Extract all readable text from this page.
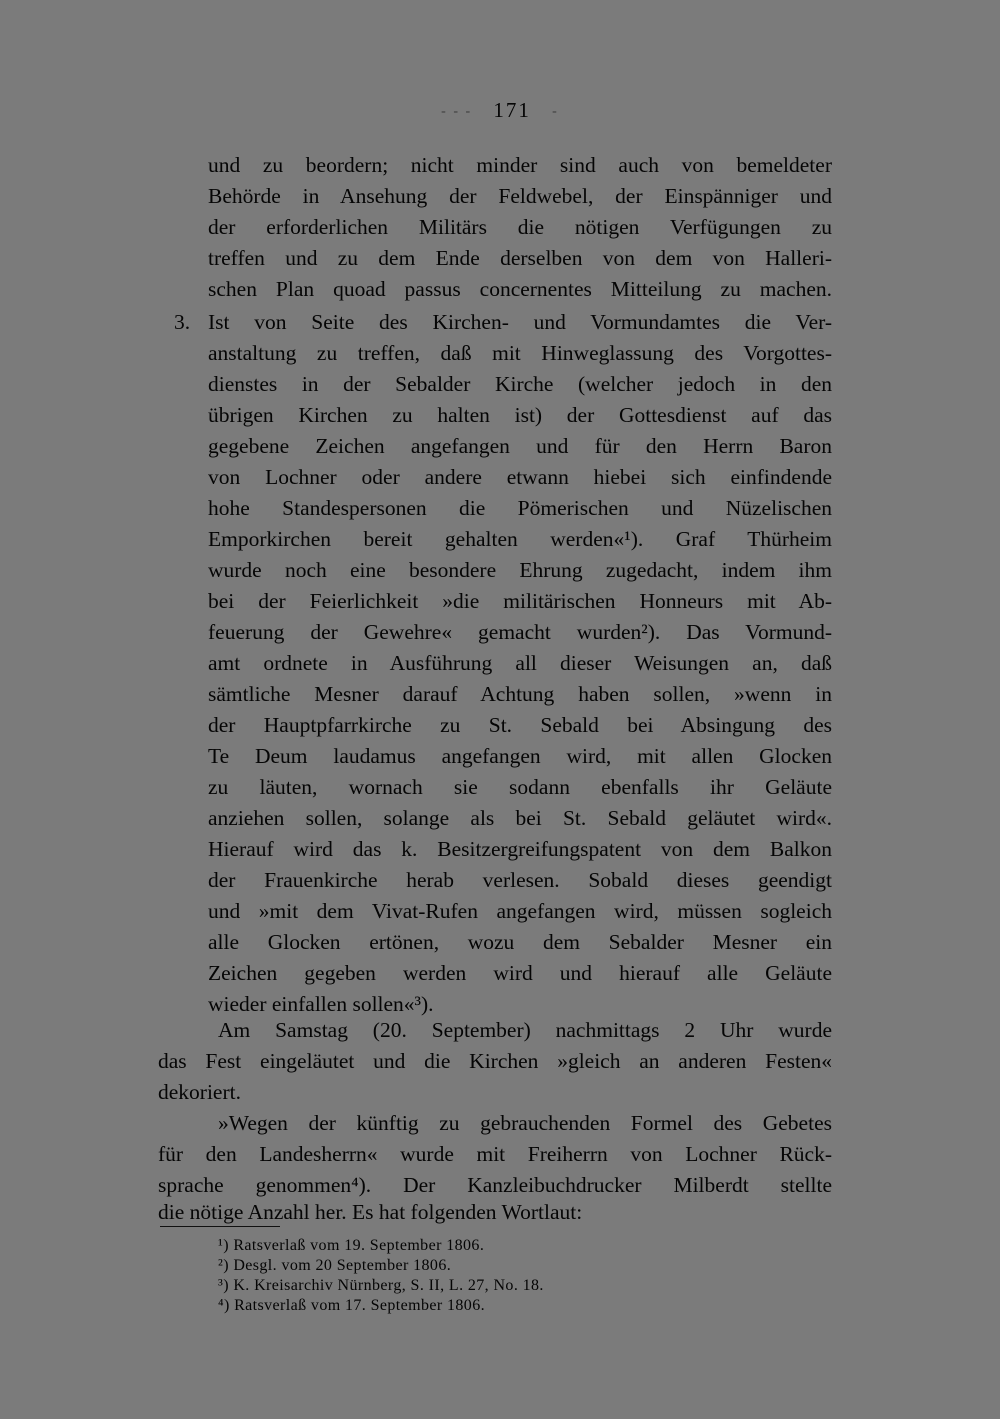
- - - 171 -
und zu beordern; nicht minder sind auch von bemeldeter
Behörde in Ansehung der Feldwebel, der Einspänniger und
der erforderlichen Militärs die nötigen Verfügungen zu
treffen und zu dem Ende derselben von dem von Halleri-
schen Plan quoad passus concernentes Mitteilung zu machen.
3. Ist von Seite des Kirchen- und Vormundamtes die Ver-
anstaltung zu treffen, daß mit Hinweglassung des Vorgottes-
dienstes in der Sebalder Kirche (welcher jedoch in den
übrigen Kirchen zu halten ist) der Gottesdienst auf das
gegebene Zeichen angefangen und für den Herrn Baron
von Lochner oder andere etwann hiebei sich einfindende
hohe Standespersonen die Pömerischen und Nüzelischen
Emporkirchen bereit gehalten werden«¹). Graf Thürheim
wurde noch eine besondere Ehrung zugedacht, indem ihm
bei der Feierlichkeit »die militärischen Honneurs mit Ab-
feuerung der Gewehre« gemacht wurden²). Das Vormund-
amt ordnete in Ausführung all dieser Weisungen an, daß
sämtliche Mesner darauf Achtung haben sollen, »wenn in
der Hauptpfarrkirche zu St. Sebald bei Absingung des
Te Deum laudamus angefangen wird, mit allen Glocken
zu läuten, wornach sie sodann ebenfalls ihr Geläute
anziehen sollen, solange als bei St. Sebald geläutet wird«.
Hierauf wird das k. Besitzergreifungspatent von dem Balkon
der Frauenkirche herab verlesen. Sobald dieses geendigt
und »mit dem Vivat-Rufen angefangen wird, müssen sogleich
alle Glocken ertönen, wozu dem Sebalder Mesner ein
Zeichen gegeben werden wird und hierauf alle Geläute
wieder einfallen sollen«³).
Am Samstag (20. September) nachmittags 2 Uhr wurde
das Fest eingeläutet und die Kirchen »gleich an anderen Festen«
dekoriert.
»Wegen der künftig zu gebrauchenden Formel des Gebetes
für den Landesherrn« wurde mit Freiherrn von Lochner Rück-
sprache genommen⁴). Der Kanzleibuchdrucker Milberdt stellte
die nötige Anzahl her. Es hat folgenden Wortlaut:
¹) Ratsverlaß vom 19. September 1806.
²) Desgl. vom 20 September 1806.
³) K. Kreisarchiv Nürnberg, S. II, L. 27, No. 18.
⁴) Ratsverlaß vom 17. September 1806.
